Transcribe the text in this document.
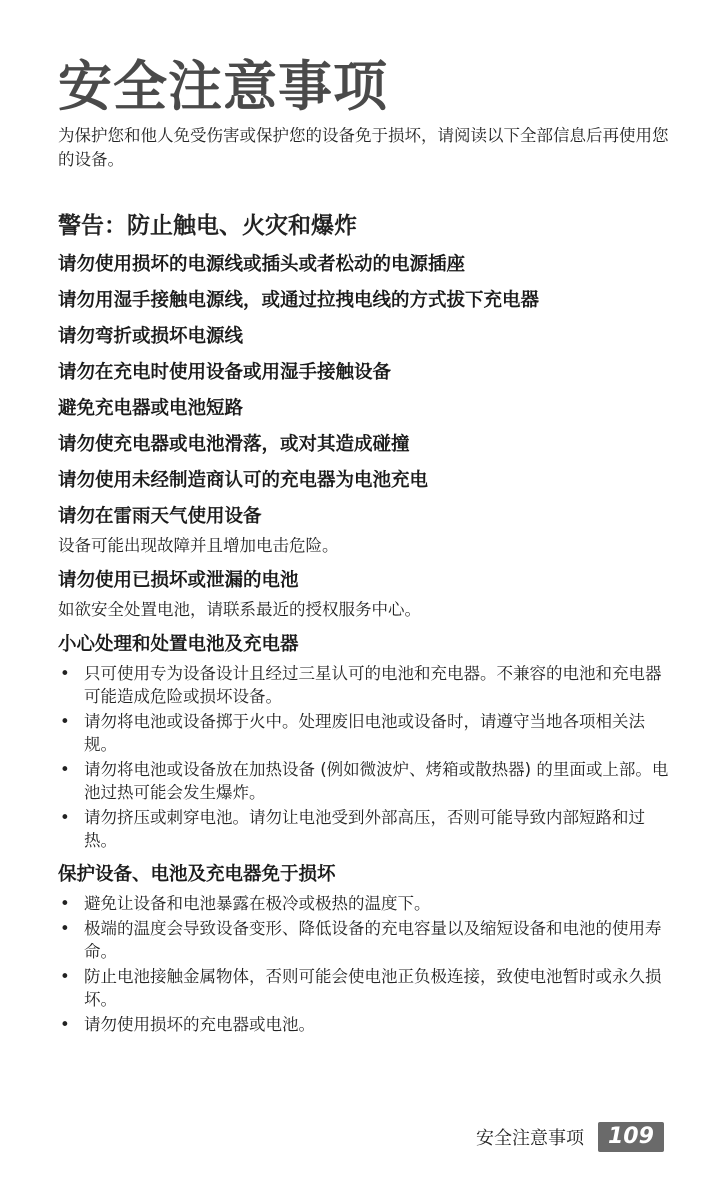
安全注意事项

为保护您和他人免受伤害或保护您的设备免于损坏，请阅读以下全部信息后再使用您的设备。

警告：防止触电、火灾和爆炸
请勿使用损坏的电源线或插头或者松动的电源插座
请勿用湿手接触电源线，或通过拉拽电线的方式拔下充电器
请勿弯折或损坏电源线
请勿在充电时使用设备或用湿手接触设备
避免充电器或电池短路
请勿使充电器或电池滑落，或对其造成碰撞
请勿使用未经制造商认可的充电器为电池充电
请勿在雷雨天气使用设备

设备可能出现故障并且增加电击危险。

请勿使用已损坏或泄漏的电池

如欲安全处置电池，请联系最近的授权服务中心。

小心处理和处置电池及充电器
• 只可使用专为设备设计且经过三星认可的电池和充电器。不兼容的电池和充电器可能造成危险或损坏设备。
• 请勿将电池或设备掷于火中。处理废旧电池或设备时，请遵守当地各项相关法规。
• 请勿将电池或设备放在加热设备 (例如微波炉、烤箱或散热器) 的里面或上部。电池过热可能会发生爆炸。
• 请勿挤压或刺穿电池。请勿让电池受到外部高压，否则可能导致内部短路和过热。
保护设备、电池及充电器免于损坏
• 避免让设备和电池暴露在极冷或极热的温度下。
• 极端的温度会导致设备变形、降低设备的充电容量以及缩短设备和电池的使用寿命。
• 防止电池接触金属物体，否则可能会使电池正负极连接，致使电池暂时或永久损坏。
• 请勿使用损坏的充电器或电池。
安全注意事项	109
